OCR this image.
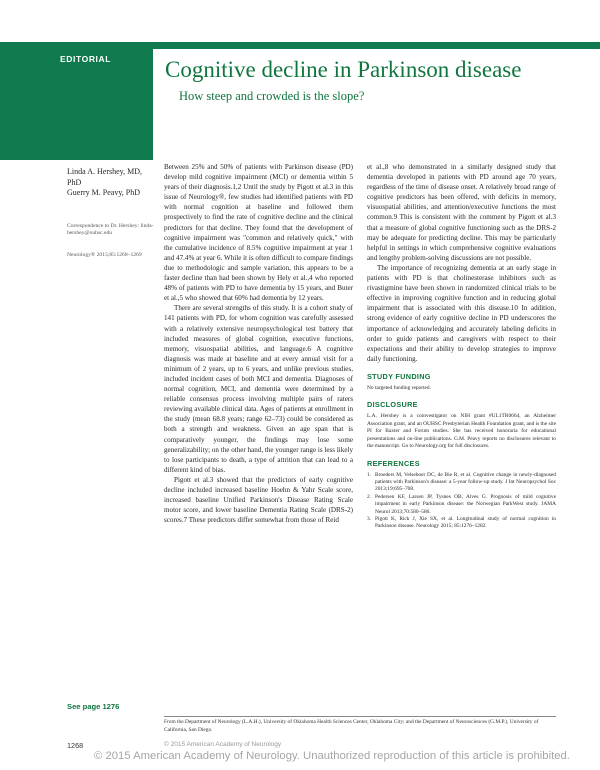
EDITORIAL	Cognitive decline in Parkinson disease
How steep and crowded is the slope?
Linda A. Hershey, MD, PhD
Guerry M. Peavy, PhD
Correspondence to Dr. Hershey: linda-hershey@ouhsc.edu
Neurology® 2015;85:1268–1269

Between 25% and 50% of patients with Parkinson disease (PD) develop mild cognitive impairment (MCI) or dementia within 5 years of their diagnosis.1,2 Until the study by Pigott et al.3 in this issue of Neurology®, few studies had identified patients with PD with normal cognition at baseline and followed them prospectively to find the rate of cognitive decline and the clinical predictors for that decline. They found that the development of cognitive impairment was "common and relatively quick," with the cumulative incidence of 8.5% cognitive impairment at year 1 and 47.4% at year 6. While it is often difficult to compare findings due to methodologic and sample variation, this appears to be a faster decline than had been shown by Hely et al.,4 who reported 48% of patients with PD to have dementia by 15 years, and Buter et al.,5 who showed that 60% had dementia by 12 years.

There are several strengths of this study. It is a cohort study of 141 patients with PD, for whom cognition was carefully assessed with a relatively extensive neuropsychological test battery that included measures of global cognition, executive functions, memory, visuospatial abilities, and language.6 A cognitive diagnosis was made at baseline and at every annual visit for a minimum of 2 years, up to 6 years, and unlike previous studies, included incident cases of both MCI and dementia. Diagnoses of normal cognition, MCI, and dementia were determined by a reliable consensus process involving multiple pairs of raters reviewing available clinical data. Ages of patients at enrollment in the study (mean 68.8 years; range 62–73) could be considered as both a strength and weakness. Given an age span that is comparatively younger, the findings may lose some generalizability; on the other hand, the younger range is less likely to lose participants to death, a type of attrition that can lead to a different kind of bias.

Pigott et al.3 showed that the predictors of early cognitive decline included increased baseline Hoehn & Yahr Scale score, increased baseline Unified Parkinson's Disease Rating Scale motor score, and lower baseline Dementia Rating Scale (DRS-2) scores.7 These predictors differ somewhat from those of Reid

et al.,8 who demonstrated in a similarly designed study that dementia developed in patients with PD around age 70 years, regardless of the time of disease onset. A relatively broad range of cognitive predictors has been offered, with deficits in memory, visuospatial abilities, and attention/executive functions the most common.9 This is consistent with the comment by Pigott et al.3 that a measure of global cognitive functioning such as the DRS-2 may be adequate for predicting decline. This may be particularly helpful in settings in which comprehensive cognitive evaluations and lengthy problem-solving discussions are not possible.

The importance of recognizing dementia at an early stage in patients with PD is that cholinesterase inhibitors such as rivastigmine have been shown in randomized clinical trials to be effective in improving cognitive function and in reducing global impairment that is associated with this disease.10 In addition, strong evidence of early cognitive decline in PD underscores the importance of acknowledging and accurately labeling deficits in order to guide patients and caregivers with respect to their expectations and their ability to develop strategies to improve daily functioning.

STUDY FUNDING

No targeted funding reported.

DISCLOSURE

L.A. Hershey is a coinvestigator on NIH grant #UL1TR0664, an Alzheimer Association grant, and an OUHSC Presbyterian Health Foundation grant, and is the site PI for Baxter and Forum studies. She has received honoraria for educational presentations and on-line publications. G.M. Peavy reports no disclosures relevant to the manuscript. Go to Neurology.org for full disclosures.

REFERENCES

1. Broeders M, Velseboer DC, de Bie R, et al. Cognitive change in newly-diagnosed patients with Parkinson's disease: a 5-year follow-up study. J Int Neuropsychol Soc 2013;19:695–708.
2. Pedersen KF, Larsen JP, Tysnes OB, Alves G. Prognosis of mild cognitive impairment in early Parkinson disease: the Norwegian ParkWest study. JAMA Neurol 2013;70:580–586.
3. Pigott K, Rick J, Xie SX, et al. Longitudinal study of normal cognition in Parkinson disease. Neurology 2015; 85:1276–1282.
See page 1276
From the Department of Neurology (L.A.H.), University of Oklahoma Health Sciences Center, Oklahoma City; and the Department of Neurosciences (G.M.P.), University of California, San Diego.
1268	© 2015 American Academy of Neurology
© 2015 American Academy of Neurology. Unauthorized reproduction of this article is prohibited.
